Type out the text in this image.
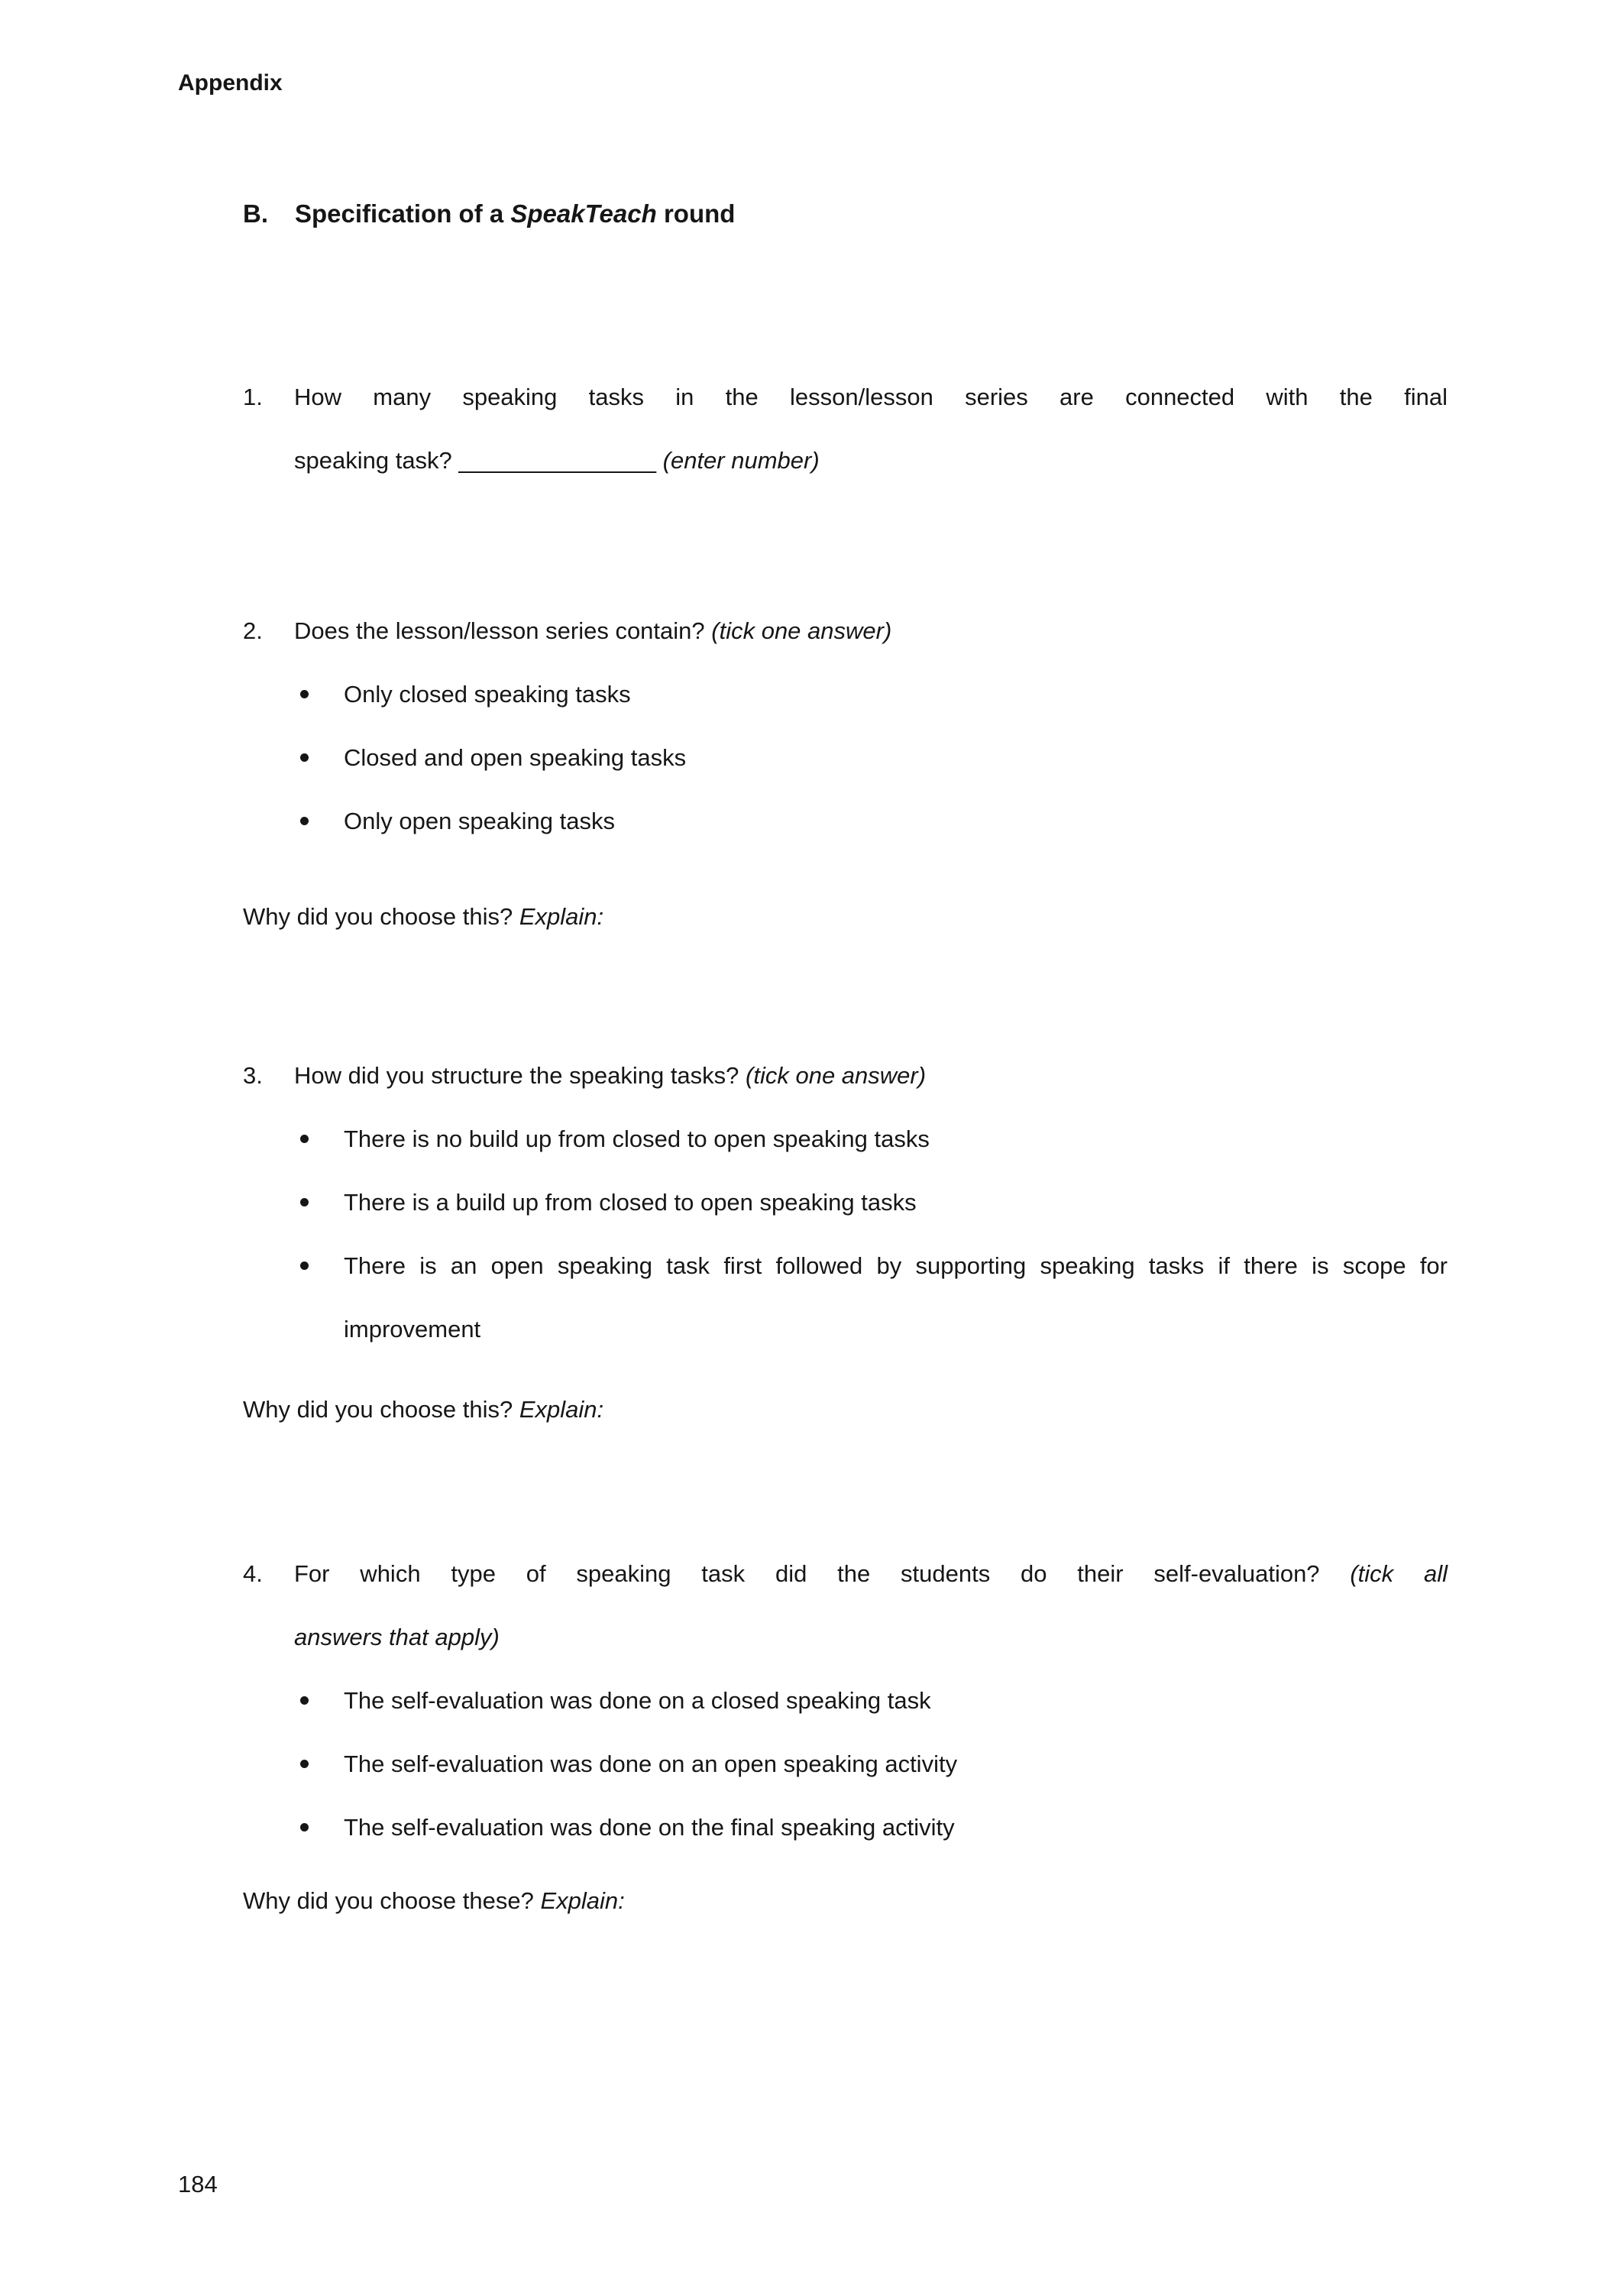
Appendix
B.	Specification of a SpeakTeach round
1.	How many speaking tasks in the lesson/lesson series are connected with the final
speaking task? _______________ (enter number)
2.	Does the lesson/lesson series contain? (tick one answer)
Only closed speaking tasks
Closed and open speaking tasks
Only open speaking tasks
Why did you choose this? Explain:
3.	How did you structure the speaking tasks? (tick one answer)
There is no build up from closed to open speaking tasks
There is a build up from closed to open speaking tasks
There is an open speaking task first followed by supporting speaking tasks if there is scope for improvement
Why did you choose this? Explain:
4.	For which type of speaking task did the students do their self-evaluation? (tick all
answers that apply)
The self-evaluation was done on a closed speaking task
The self-evaluation was done on an open speaking activity
The self-evaluation was done on the final speaking activity
Why did you choose these? Explain:
184
